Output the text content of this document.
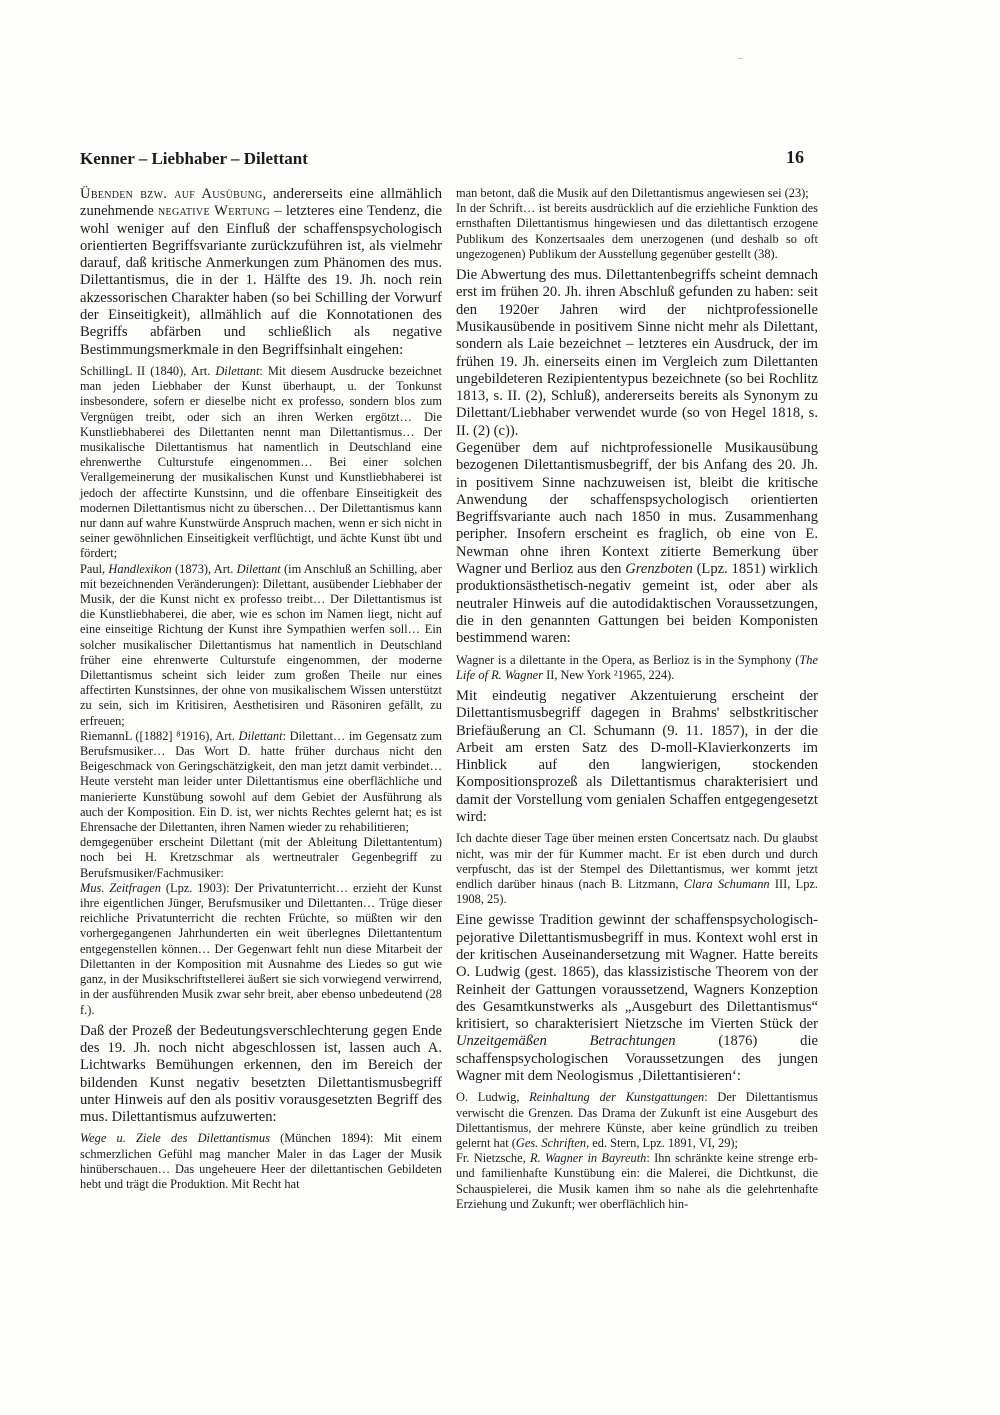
Kenner – Liebhaber – Dilettant	16

Übenden bzw. auf Ausübung, andererseits eine allmählich zunehmende negative Wertung – letzteres eine Tendenz, die wohl weniger auf den Einfluß der schaffenspsychologisch orientierten Begriffsvariante zurückzuführen ist, als vielmehr darauf, daß kritische Anmerkungen zum Phänomen des mus. Dilettantismus, die in der 1. Hälfte des 19. Jh. noch rein akzessorischen Charakter haben (so bei Schilling der Vorwurf der Einseitigkeit), allmählich auf die Konnotationen des Begriffs abfärben und schließlich als negative Bestimmungsmerkmale in den Begriffsinhalt eingehen:

SchillingL II (1840), Art. Dilettant: Mit diesem Ausdrucke bezeichnet man jeden Liebhaber der Kunst überhaupt, u. der Tonkunst insbesondere, sofern er dieselbe nicht ex professo, sondern blos zum Vergnügen treibt, oder sich an ihren Werken ergötzt… Die Kunstliebhaberei des Dilettanten nennt man Dilettantismus… Der musikalische Dilettantismus hat namentlich in Deutschland eine ehrenwerthe Culturstufe eingenommen… Bei einer solchen Verallgemeinerung der musikalischen Kunst und Kunstliebhaberei ist jedoch der affectirte Kunstsinn, und die offenbare Einseitigkeit des modernen Dilettantismus nicht zu überschen… Der Dilettantismus kann nur dann auf wahre Kunstwürde Anspruch machen, wenn er sich nicht in seiner gewöhnlichen Einseitigkeit verflüchtigt, und ächte Kunst übt und fördert;

Paul, Handlexikon (1873), Art. Dilettant (im Anschluß an Schilling, aber mit bezeichnenden Veränderungen): Dilettant, ausübender Liebhaber der Musik, der die Kunst nicht ex professo treibt… Der Dilettantismus ist die Kunstliebhaberei, die aber, wie es schon im Namen liegt, nicht auf eine einseitige Richtung der Kunst ihre Sympathien werfen soll… Ein solcher musikalischer Dilettantismus hat namentlich in Deutschland früher eine ehrenwerte Culturstufe eingenommen, der moderne Dilettantismus scheint sich leider zum großen Theile nur eines affectirten Kunstsinnes, der ohne von musikalischem Wissen unterstützt zu sein, sich im Kritisiren, Aesthetisiren und Räsoniren gefällt, zu erfreuen;

RiemannL ([1882] ⁸1916), Art. Dilettant: Dilettant… im Gegensatz zum Berufsmusiker… Das Wort D. hatte früher durchaus nicht den Beigeschmack von Geringschätzigkeit, den man jetzt damit verbindet… Heute versteht man leider unter Dilettantismus eine oberflächliche und manierierte Kunstübung sowohl auf dem Gebiet der Ausführung als auch der Komposition. Ein D. ist, wer nichts Rechtes gelernt hat; es ist Ehrensache der Dilettanten, ihren Namen wieder zu rehabilitieren;

demgegenüber erscheint Dilettant (mit der Ableitung Dilettantentum) noch bei H. Kretzschmar als wertneutraler Gegenbegriff zu Berufsmusiker/Fachmusiker:

Mus. Zeitfragen (Lpz. 1903): Der Privatunterricht… erzieht der Kunst ihre eigentlichen Jünger, Berufsmusiker und Dilettanten… Trüge dieser reichliche Privatunterricht die rechten Früchte, so müßten wir den vorhergegangenen Jahrhunderten ein weit überlegnes Dilettantentum entgegenstellen können… Der Gegenwart fehlt nun diese Mitarbeit der Dilettanten in der Komposition mit Ausnahme des Liedes so gut wie ganz, in der Musikschriftstellerei äußert sie sich vorwiegend verwirrend, in der ausführenden Musik zwar sehr breit, aber ebenso unbedeutend (28 f.).

Daß der Prozeß der Bedeutungsverschlechterung gegen Ende des 19. Jh. noch nicht abgeschlossen ist, lassen auch A. Lichtwarks Bemühungen erkennen, den im Bereich der bildenden Kunst negativ besetzten Dilettantismusbegriff unter Hinweis auf den als positiv vorausgesetzten Begriff des mus. Dilettantismus aufzuwerten:

Wege u. Ziele des Dilettantismus (München 1894): Mit einem schmerzlichen Gefühl mag mancher Maler in das Lager der Musik hinüberschauen… Das ungeheuere Heer der dilettantischen Gebildeten hebt und trägt die Produktion. Mit Recht hat

man betont, daß die Musik auf den Dilettantismus angewiesen sei (23);

In der Schrift… ist bereits ausdrücklich auf die erziehliche Funktion des ernsthaften Dilettantismus hingewiesen und das dilettantisch erzogene Publikum des Konzertsaales dem unerzogenen (und deshalb so oft ungezogenen) Publikum der Ausstellung gegenüber gestellt (38).

Die Abwertung des mus. Dilettantenbegriffs scheint demnach erst im frühen 20. Jh. ihren Abschluß gefunden zu haben: seit den 1920er Jahren wird der nichtprofessionelle Musikausübende in positivem Sinne nicht mehr als Dilettant, sondern als Laie bezeichnet – letzteres ein Ausdruck, der im frühen 19. Jh. einerseits einen im Vergleich zum Dilettanten ungebildeteren Rezipiententypus bezeichnete (so bei Rochlitz 1813, s. II. (2), Schluß), andererseits bereits als Synonym zu Dilettant/Liebhaber verwendet wurde (so von Hegel 1818, s. II. (2) (c)).

Gegenüber dem auf nichtprofessionelle Musikausübung bezogenen Dilettantismusbegriff, der bis Anfang des 20. Jh. in positivem Sinne nachzuweisen ist, bleibt die kritische Anwendung der schaffenspsychologisch orientierten Begriffsvariante auch nach 1850 in mus. Zusammenhang peripher. Insofern erscheint es fraglich, ob eine von E. Newman ohne ihren Kontext zitierte Bemerkung über Wagner und Berlioz aus den Grenzboten (Lpz. 1851) wirklich produktionsästhetisch-negativ gemeint ist, oder aber als neutraler Hinweis auf die autodidaktischen Voraussetzungen, die in den genannten Gattungen bei beiden Komponisten bestimmend waren:

Wagner is a dilettante in the Opera, as Berlioz is in the Symphony (The Life of R. Wagner II, New York ²1965, 224).

Mit eindeutig negativer Akzentuierung erscheint der Dilettantismusbegriff dagegen in Brahms' selbstkritischer Briefäußerung an Cl. Schumann (9. 11. 1857), in der die Arbeit am ersten Satz des D-moll-Klavierkonzerts im Hinblick auf den langwierigen, stockenden Kompositionsprozeß als Dilettantismus charakterisiert und damit der Vorstellung vom genialen Schaffen entgegengesetzt wird:

Ich dachte dieser Tage über meinen ersten Concertsatz nach. Du glaubst nicht, was mir der für Kummer macht. Er ist eben durch und durch verpfuscht, das ist der Stempel des Dilettantismus, wer kommt jetzt endlich darüber hinaus (nach B. Litzmann, Clara Schumann III, Lpz. 1908, 25).

Eine gewisse Tradition gewinnt der schaffenspsychologisch-pejorative Dilettantismusbegriff in mus. Kontext wohl erst in der kritischen Auseinandersetzung mit Wagner. Hatte bereits O. Ludwig (gest. 1865), das klassizistische Theorem von der Reinheit der Gattungen voraussetzend, Wagners Konzeption des Gesamtkunstwerks als „Ausgeburt des Dilettantismus“ kritisiert, so charakterisiert Nietzsche im Vierten Stück der Unzeitgemäßen Betrachtungen (1876) die schaffenspsychologischen Voraussetzungen des jungen Wagner mit dem Neologismus ‚Dilettantisieren‘:

O. Ludwig, Reinhaltung der Kunstgattungen: Der Dilettantismus verwischt die Grenzen. Das Drama der Zukunft ist eine Ausgeburt des Dilettantismus, der mehrere Künste, aber keine gründlich zu treiben gelernt hat (Ges. Schriften, ed. Stern, Lpz. 1891, VI, 29);

Fr. Nietzsche, R. Wagner in Bayreuth: Ihn schränkte keine strenge erb- und familienhafte Kunstübung ein: die Malerei, die Dichtkunst, die Schauspielerei, die Musik kamen ihm so nahe als die gelehrtenhafte Erziehung und Zukunft; wer oberflächlich hin-
